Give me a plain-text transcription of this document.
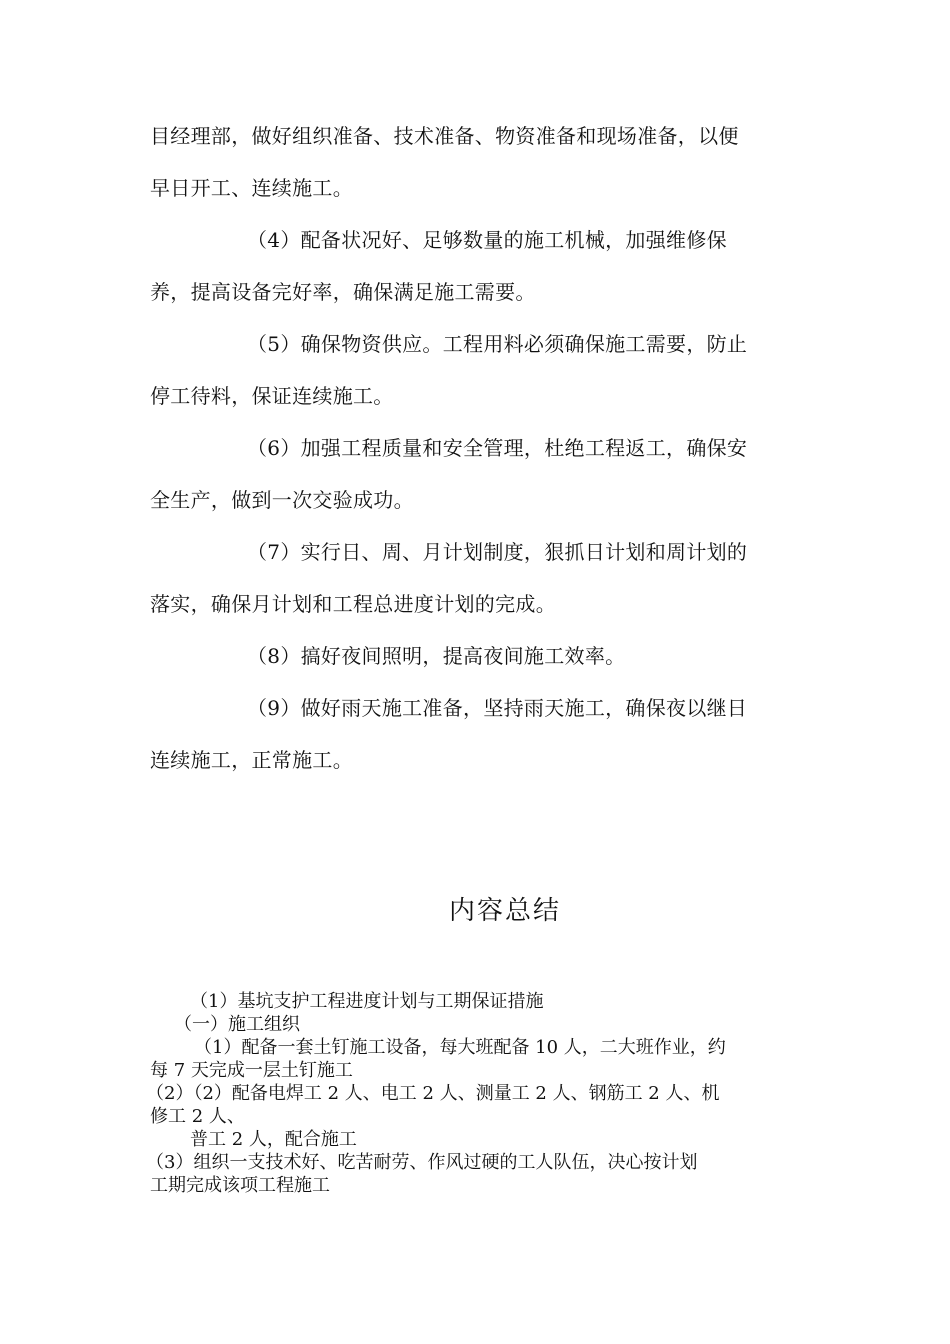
目经理部，做好组织准备、技术准备、物资准备和现场准备，以便
早日开工、连续施工。
（4）配备状况好、足够数量的施工机械，加强维修保
养，提高设备完好率，确保满足施工需要。
（5）确保物资供应。工程用料必须确保施工需要，防止
停工待料，保证连续施工。
（6）加强工程质量和安全管理，杜绝工程返工，确保安
全生产，做到一次交验成功。
（7）实行日、周、月计划制度，狠抓日计划和周计划的
落实，确保月计划和工程总进度计划的完成。
（8）搞好夜间照明，提高夜间施工效率。
（9）做好雨天施工准备，坚持雨天施工，确保夜以继日
连续施工，正常施工。
内容总结
（1）基坑支护工程进度计划与工期保证措施
（一）施工组织
（1）配备一套土钉施工设备，每大班配备 10 人，二大班作业，约
每 7 天完成一层土钉施工
（2）（2）配备电焊工 2 人、电工 2 人、测量工 2 人、钢筋工 2 人、机
修工 2 人、
普工 2 人，配合施工
（3）组织一支技术好、吃苦耐劳、作风过硬的工人队伍，决心按计划
工期完成该项工程施工
